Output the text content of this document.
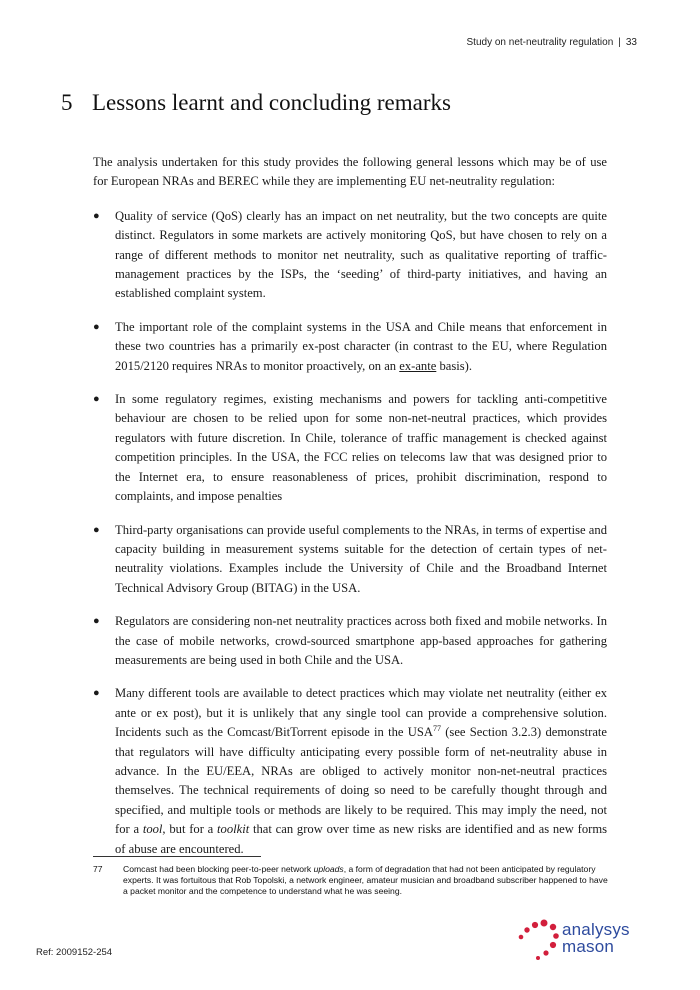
Study on net-neutrality regulation | 33
5 Lessons learnt and concluding remarks

The analysis undertaken for this study provides the following general lessons which may be of use for European NRAs and BEREC while they are implementing EU net-neutrality regulation:

● Quality of service (QoS) clearly has an impact on net neutrality, but the two concepts are quite distinct. Regulators in some markets are actively monitoring QoS, but have chosen to rely on a range of different methods to monitor net neutrality, such as qualitative reporting of traffic-management practices by the ISPs, the ‘seeding’ of third-party initiatives, and having an established complaint system.
● The important role of the complaint systems in the USA and Chile means that enforcement in these two countries has a primarily ex-post character (in contrast to the EU, where Regulation 2015/2120 requires NRAs to monitor proactively, on an ex-ante basis).
● In some regulatory regimes, existing mechanisms and powers for tackling anti-competitive behaviour are chosen to be relied upon for some non-net-neutral practices, which provides regulators with future discretion. In Chile, tolerance of traffic management is checked against competition principles. In the USA, the FCC relies on telecoms law that was designed prior to the Internet era, to ensure reasonableness of prices, prohibit discrimination, respond to complaints, and impose penalties
● Third-party organisations can provide useful complements to the NRAs, in terms of expertise and capacity building in measurement systems suitable for the detection of certain types of net-neutrality violations. Examples include the University of Chile and the Broadband Internet Technical Advisory Group (BITAG) in the USA.
● Regulators are considering non-net neutrality practices across both fixed and mobile networks. In the case of mobile networks, crowd-sourced smartphone app-based approaches for gathering measurements are being used in both Chile and the USA.
● Many different tools are available to detect practices which may violate net neutrality (either ex ante or ex post), but it is unlikely that any single tool can provide a comprehensive solution. Incidents such as the Comcast/BitTorrent episode in the USA$^{77}$ (see Section 3.2.3) demonstrate that regulators will have difficulty anticipating every possible form of net-neutrality abuse in advance. In the EU/EEA, NRAs are obliged to actively monitor non-net-neutral practices themselves. The technical requirements of doing so need to be carefully thought through and specified, and multiple tools or methods are likely to be required. This may imply the need, not for a tool, but for a toolkit that can grow over time as new risks are identified and as new forms of abuse are encountered.
77	Comcast had been blocking peer-to-peer network uploads, a form of degradation that had not been anticipated by regulatory experts. It was fortuitous that Rob Topolski, a network engineer, amateur musician and broadband subscriber happened to have a packet monitor and the competence to understand what he was seeing.
Ref: 2009152-254
analysys
mason
